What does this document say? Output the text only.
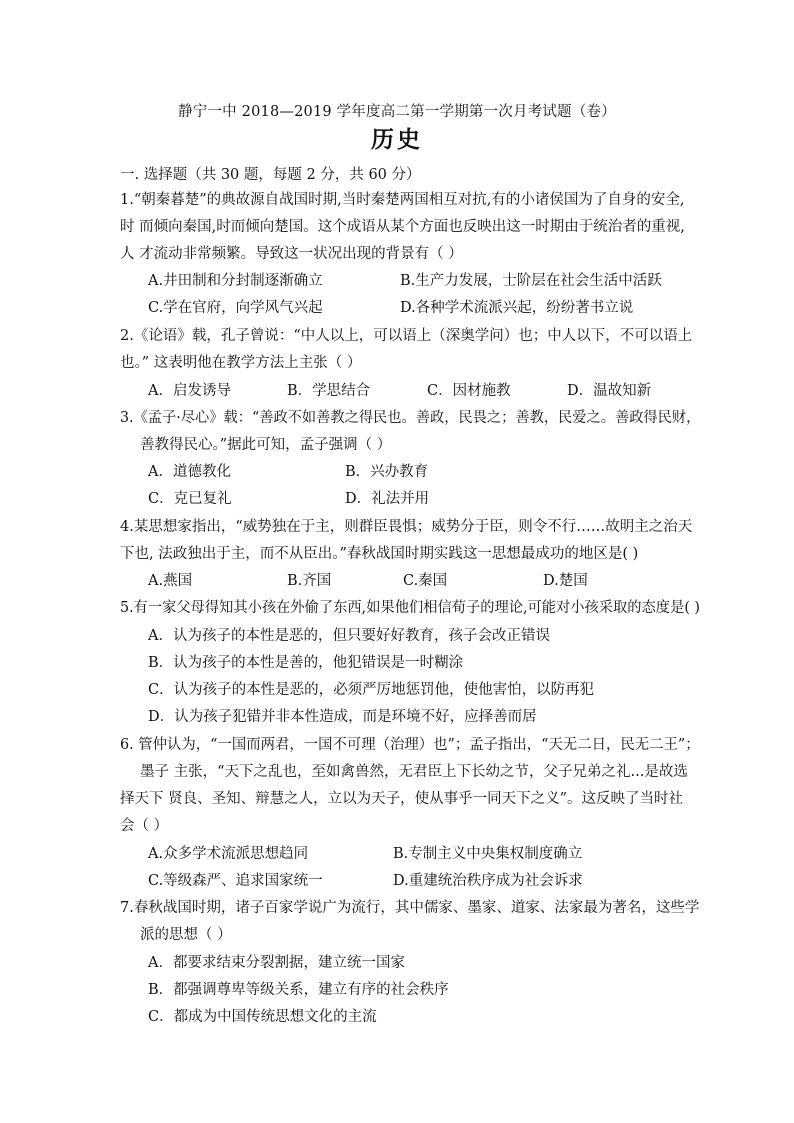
静宁一中 2018—2019 学年度高二第一学期第一次月考试题（卷）
历史
一. 选择题（共 30 题，每题 2 分，共 60 分）
1.“朝秦暮楚”的典故源自战国时期,当时秦楚两国相互对抗,有的小诸侯国为了自身的安全,
时 而倾向秦国,时而倾向楚国。这个成语从某个方面也反映出这一时期由于统治者的重视,
人 才流动非常频繁。导致这一状况出现的背景有（ ）
A.井田制和分封制逐渐确立	B.生产力发展，士阶层在社会生活中活跃
C.学在官府，向学风气兴起	D.各种学术流派兴起，纷纷著书立说
2.《论语》载，孔子曾说：“中人以上，可以语上（深奥学问）也；中人以下，不可以语上
也。” 这表明他在教学方法上主张（ ）
A．启发诱导	B．学思结合	C．因材施教	D．温故知新
3.《孟子·尽心》载：“善政不如善教之得民也。善政，民畏之；善教，民爱之。善政得民财，
善教得民心。”据此可知，孟子强调（ ）
A．道德教化	B．兴办教育
C．克已复礼	D．礼法并用
4.某思想家指出，“威势独在于主，则群臣畏惧；威势分于臣，则令不行……故明主之治天
下也, 法政独出于主，而不从臣出。”春秋战国时期实践这一思想最成功的地区是( )
A.燕国	B.齐国	C.秦国	D.楚国
5.有一家父母得知其小孩在外偷了东西,如果他们相信荀子的理论,可能对小孩采取的态度是( )
A．认为孩子的本性是恶的，但只要好好教育，孩子会改正错误
B．认为孩子的本性是善的，他犯错误是一时糊涂
C．认为孩子的本性是恶的，必须严厉地惩罚他，使他害怕，以防再犯
D．认为孩子犯错并非本性造成，而是环境不好，应择善而居
6. 管仲认为，“一国而两君，一国不可理（治理）也”；孟子指出，“天无二日，民无二王”；
墨子 主张，“天下之乱也，至如禽兽然，无君臣上下长幼之节，父子兄弟之礼...是故选
择天下 贤良、圣知、辩慧之人，立以为天子，使从事乎一同天下之义”。这反映了当时社
会（ ）
A.众多学术流派思想趋同	B.专制主义中央集权制度确立
C.等级森严、追求国家统一	D.重建统治秩序成为社会诉求
7.春秋战国时期，诸子百家学说广为流行，其中儒家、墨家、道家、法家最为著名，这些学
派的思想（ ）
A．都要求结束分裂割据，建立统一国家
B．都强调尊卑等级关系，建立有序的社会秩序
C．都成为中国传统思想文化的主流
